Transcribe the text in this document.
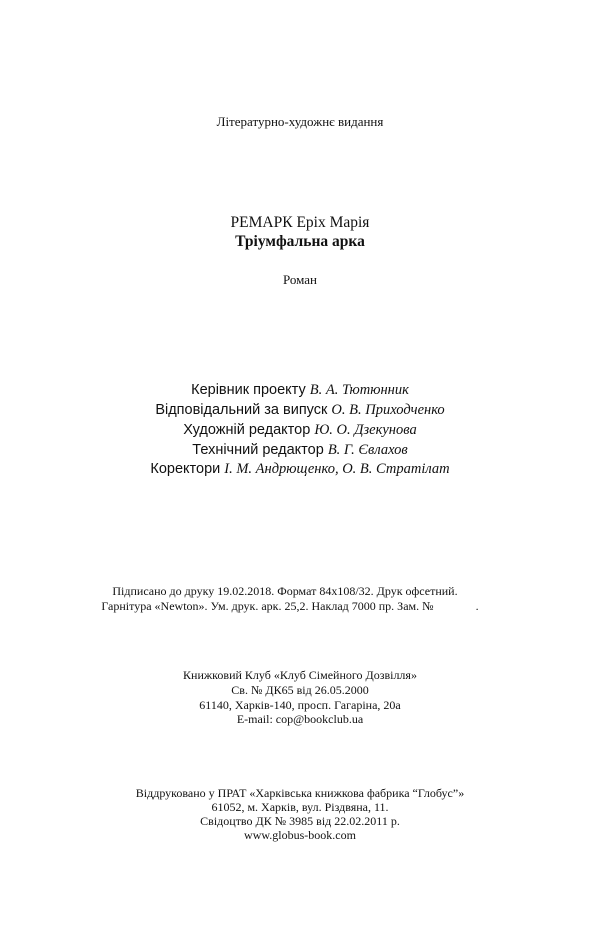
Літературно-художнє видання
РЕМАРК Еріх Марія
Тріумфальна арка
Роман
Керівник проекту В. А. Тютюнник
Відповідальний за випуск О. В. Приходченко
Художній редактор Ю. О. Дзекунова
Технічний редактор В. Г. Євлахов
Коректори І. М. Андрющенко, О. В. Стратілат
Підписано до друку 19.02.2018. Формат 84х108/32. Друк офсетний.
Гарнітура «Newton». Ум. друк. арк. 25,2. Наклад 7000 пр. Зам. №	.
Книжковий Клуб «Клуб Сімейного Дозвілля»
Св. № ДК65 від 26.05.2000
61140, Харків-140, просп. Гагаріна, 20а
E-mail: cop@bookclub.ua
Віддруковано у ПРАТ «Харківська книжкова фабрика “Глобус”»
61052, м. Харків, вул. Різдвяна, 11.
Свідоцтво ДК № 3985 від 22.02.2011 р.
www.globus-book.com
